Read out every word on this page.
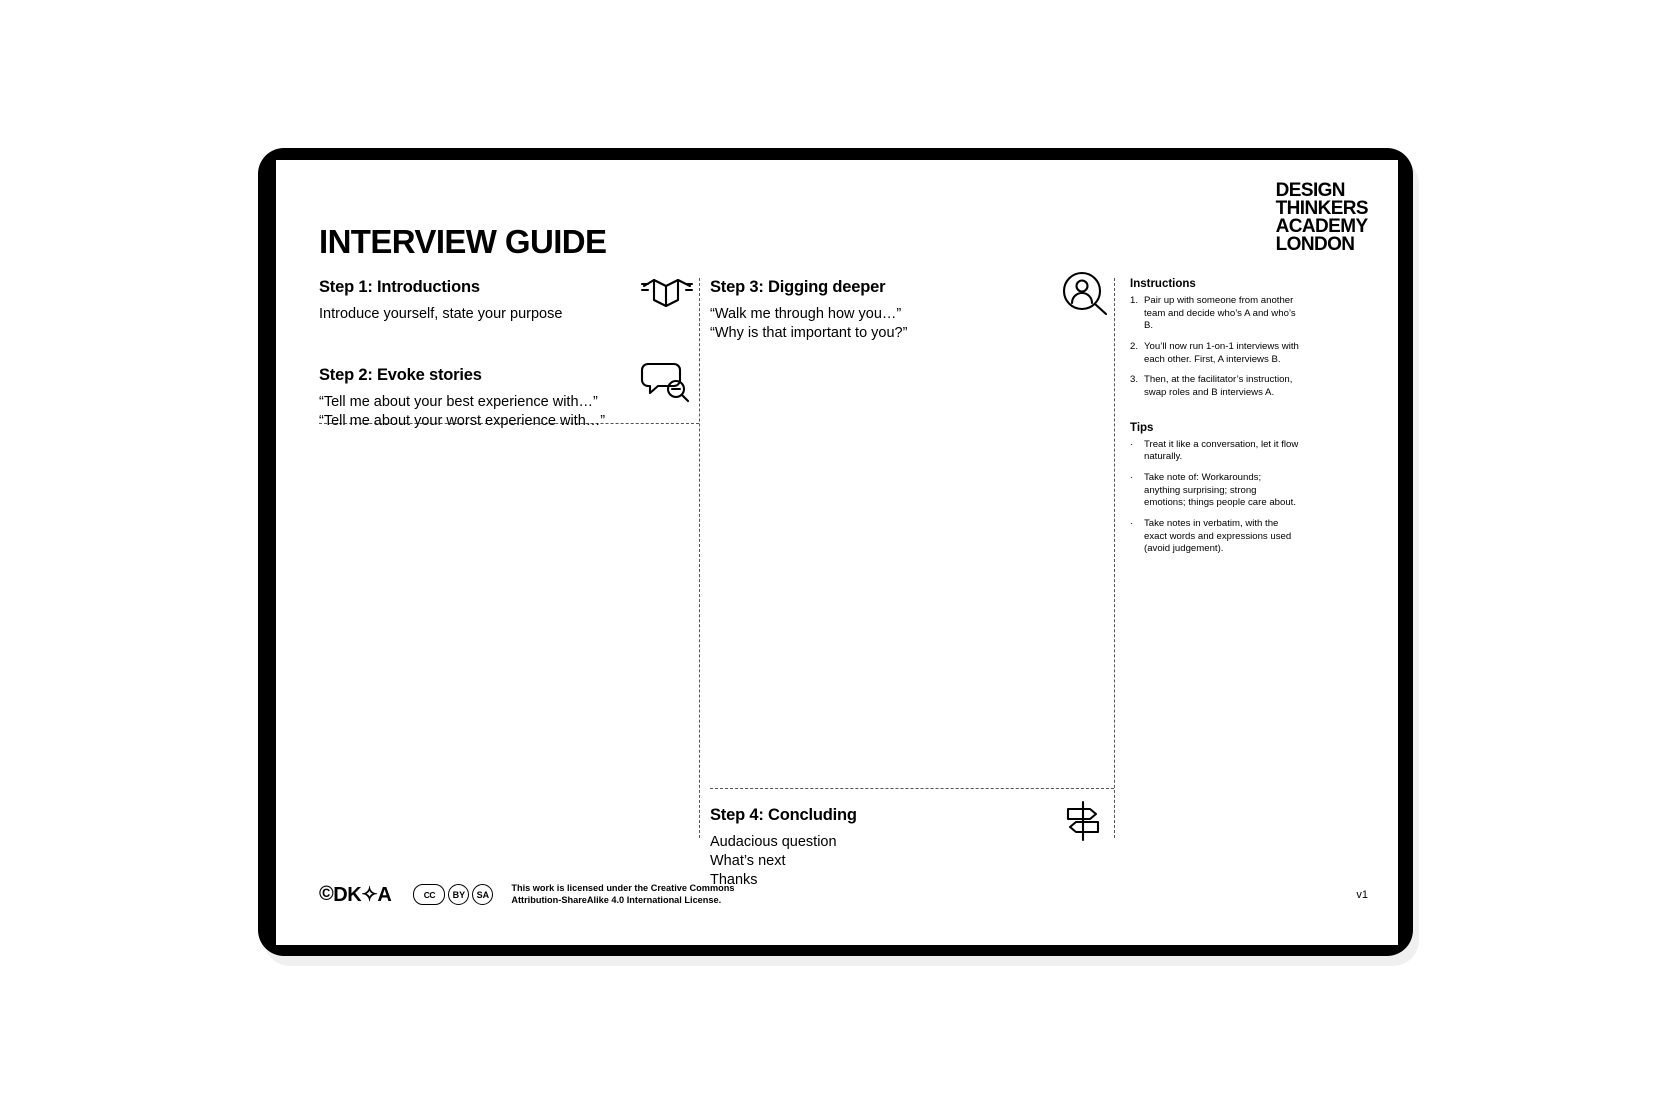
DESIGN
THINKERS
ACADEMY
LONDON
INTERVIEW GUIDE
Step 1: Introductions
Introduce yourself, state your purpose
Step 2: Evoke stories
“Tell me about your best experience with…”
“Tell me about your worst experience with…”
Step 3: Digging deeper
“Walk me through how you…”
“Why is that important to you?”
Step 4: Concluding
Audacious question
What’s next
Thanks
Instructions
1. Pair up with someone from another team and decide who’s A and who’s B.
2. You’ll now run 1-on-1 interviews with each other. First, A interviews B.
3. Then, at the facilitator’s instruction, swap roles and B interviews A.
Tips
· Treat it like a conversation, let it flow naturally.
· Take note of: Workarounds; anything surprising; strong emotions; things people care about.
· Take notes in verbatim, with the exact words and expressions used (avoid judgement).
© DK✧A	CC	BY	SA
This work is licensed under the Creative Commons
Attribution-ShareAlike 4.0 International License.	v1
